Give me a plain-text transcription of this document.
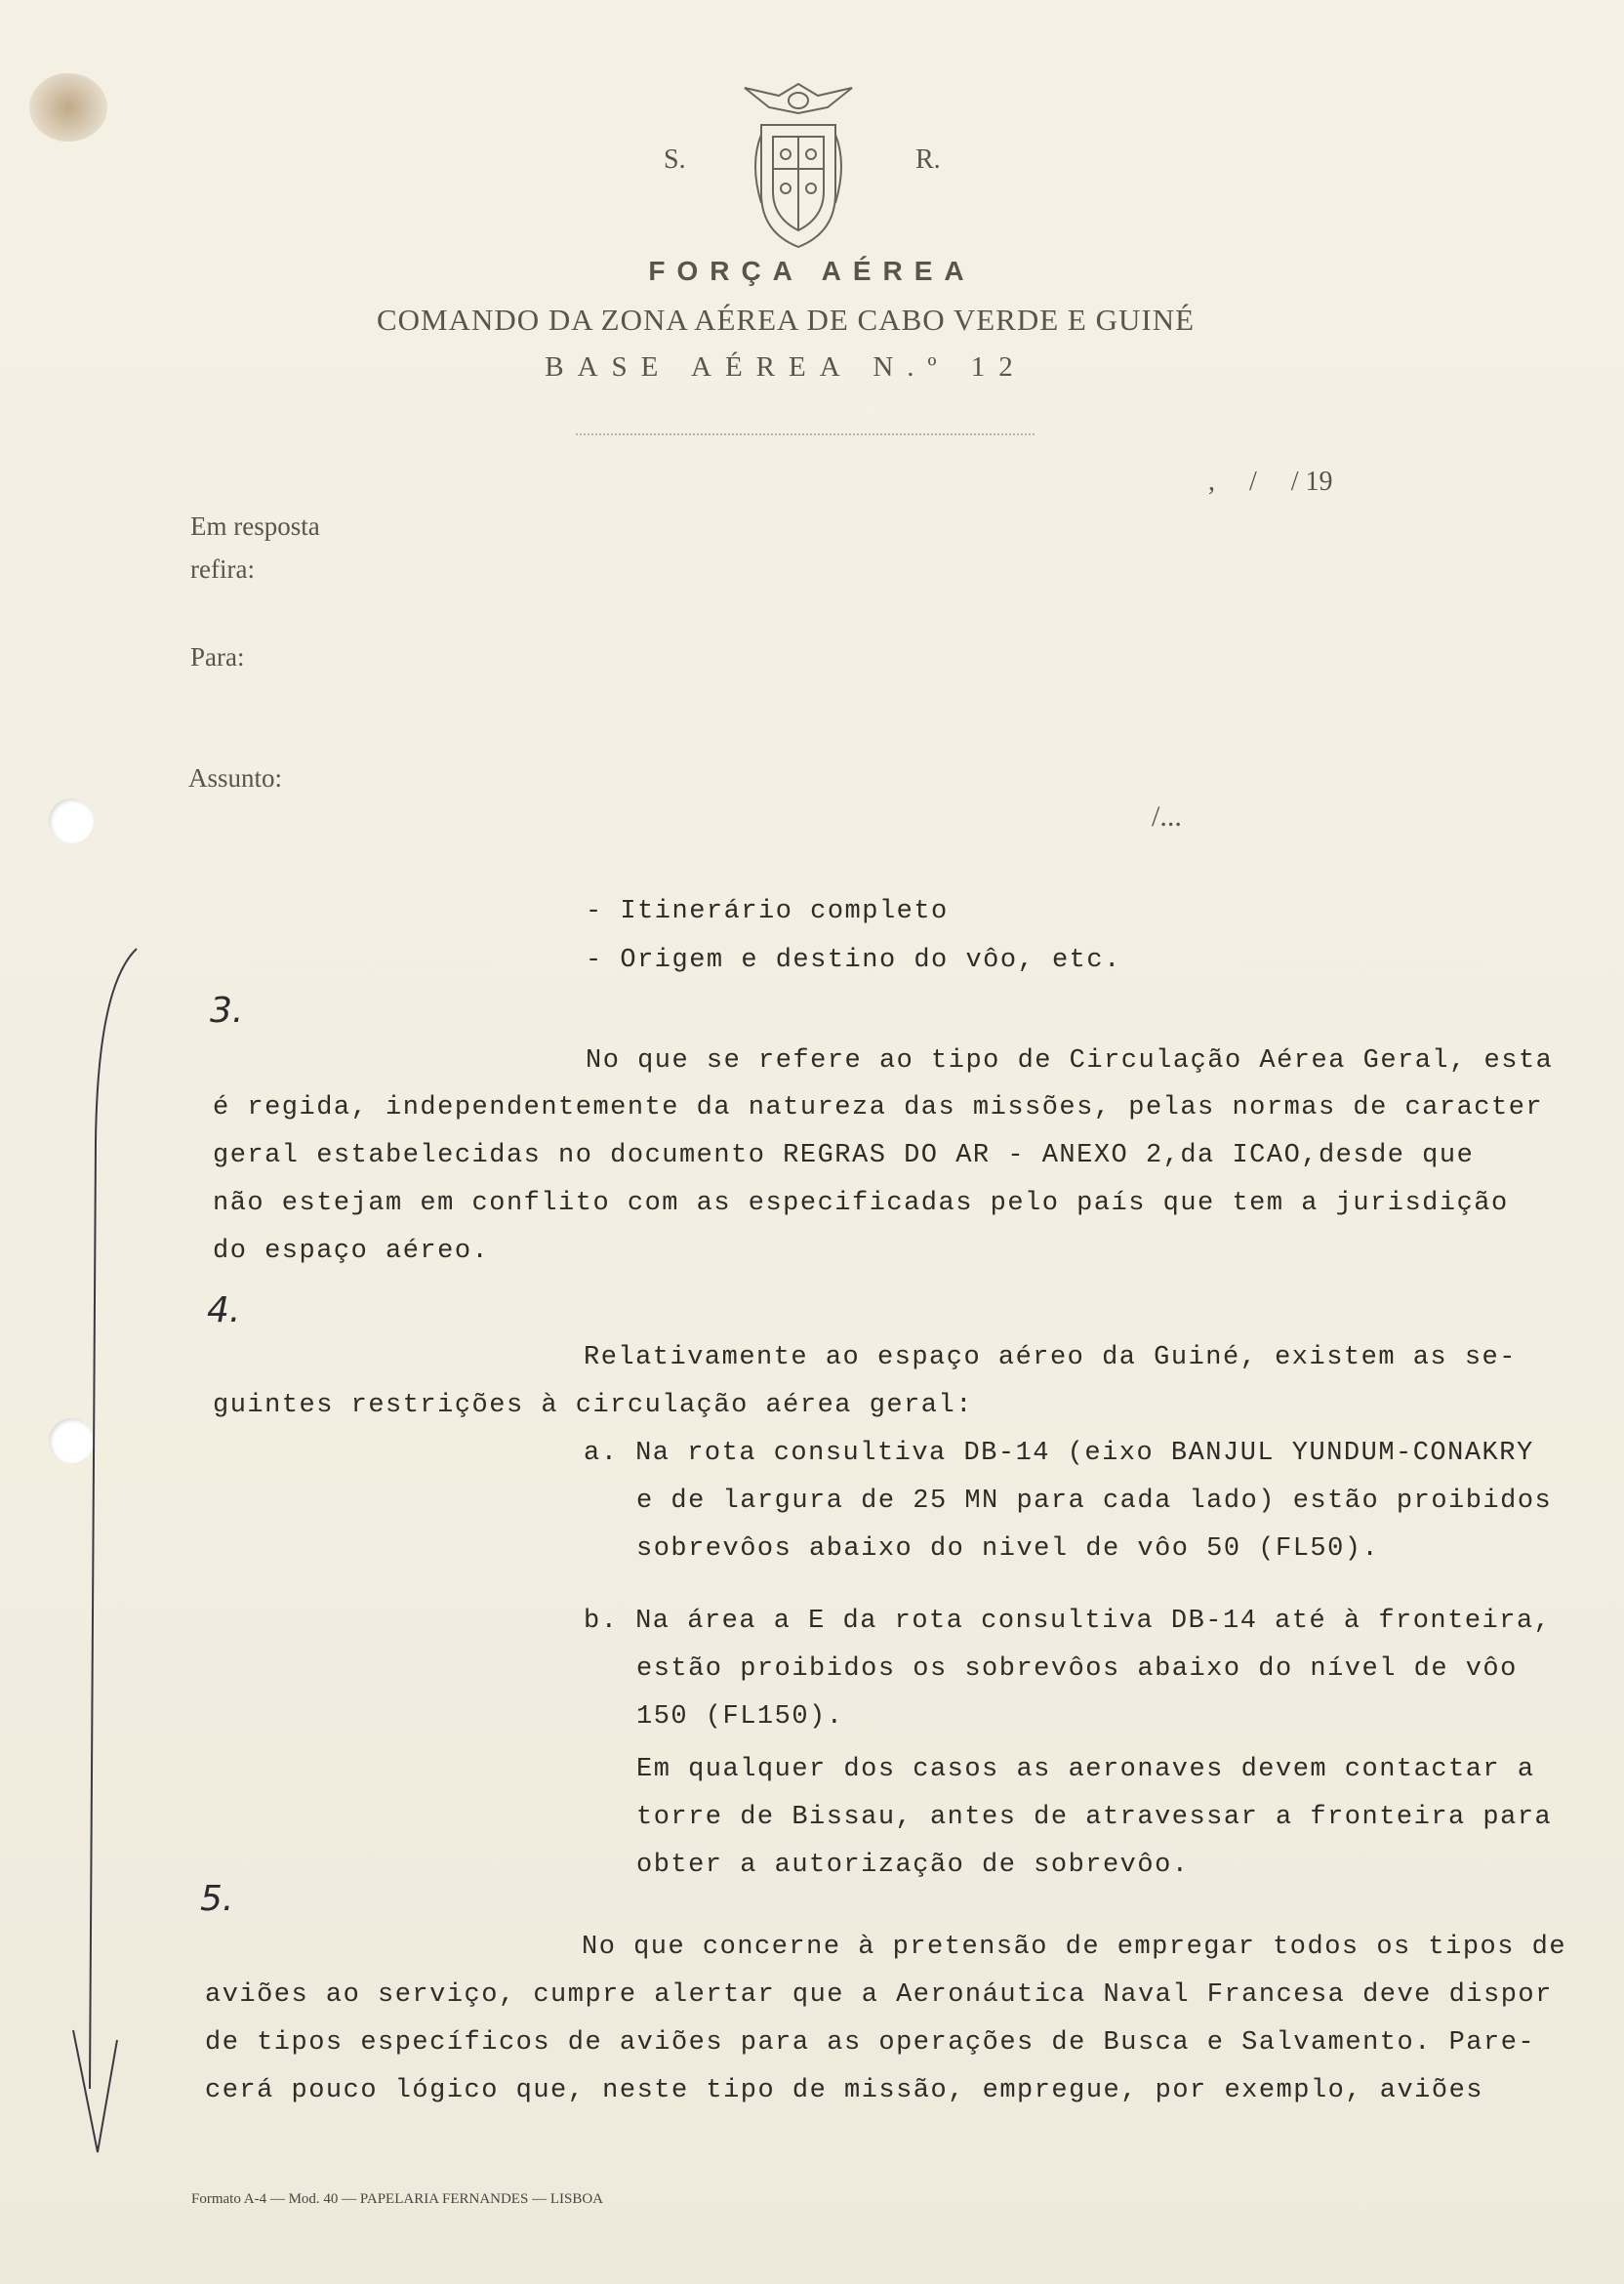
S.	R.
FORÇA AÉREA
COMANDO DA ZONA AÉREA DE CABO VERDE E GUINÉ
BASE AÉREA N.º 12
,     /     / 19
Em resposta
refira:
Para:
Assunto:
/...
- Itinerário completo
- Origem e destino do vôo, etc.
3.
No que se refere ao tipo de Circulação Aérea Geral, esta
é regida, independentemente da natureza das missões, pelas normas de caracter
geral estabelecidas no documento REGRAS DO AR - ANEXO 2,da ICAO,desde que
não estejam em conflito com as especificadas pelo país que tem a jurisdição
do espaço aéreo.
4.
Relativamente ao espaço aéreo da Guiné, existem as se-
guintes restrições à circulação aérea geral:
a. Na rota consultiva DB-14 (eixo BANJUL YUNDUM-CONAKRY
e de largura de 25 MN para cada lado) estão proibidos
sobrevôos abaixo do nivel de vôo 50 (FL50).
b. Na área a E da rota consultiva DB-14 até à fronteira,
estão proibidos os sobrevôos abaixo do nível de vôo
150 (FL150).
Em qualquer dos casos as aeronaves devem contactar a
torre de Bissau, antes de atravessar a fronteira para
obter a autorização de sobrevôo.
5.
No que concerne à pretensão de empregar todos os tipos de
aviões ao serviço, cumpre alertar que a Aeronáutica Naval Francesa deve dispor
de tipos específicos de aviões para as operações de Busca e Salvamento. Pare-
cerá pouco lógico que, neste tipo de missão, empregue, por exemplo, aviões
Formato A-4 — Mod. 40 — PAPELARIA FERNANDES — LISBOA
